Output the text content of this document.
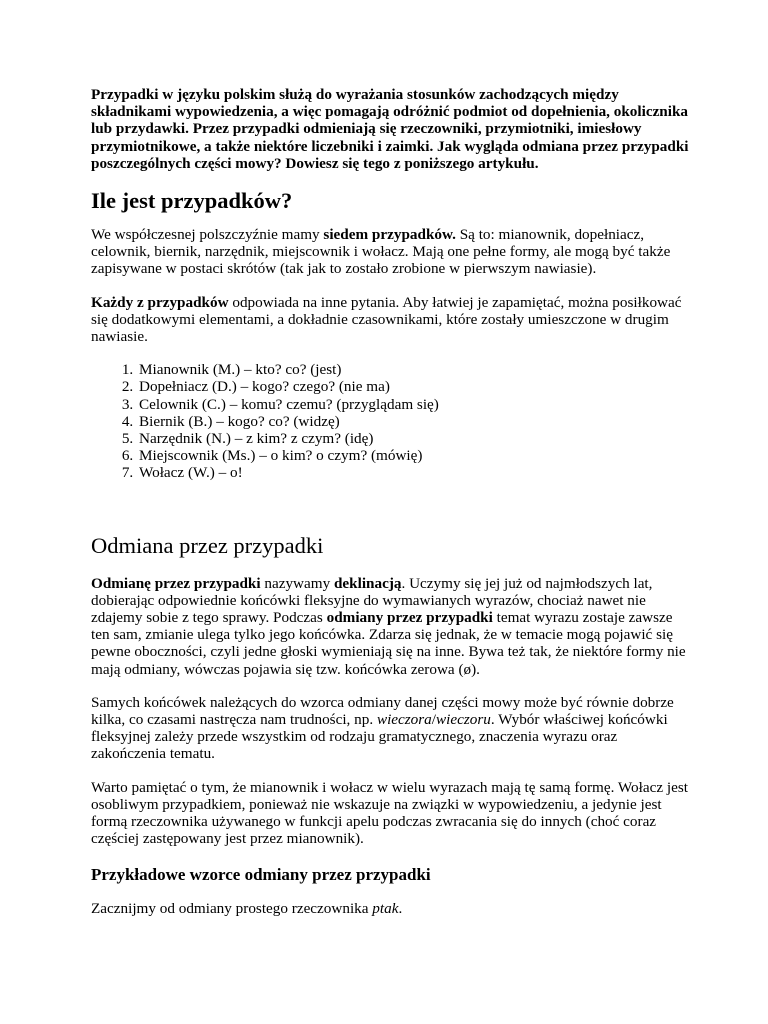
Przypadki w języku polskim służą do wyrażania stosunków zachodzących między składnikami wypowiedzenia, a więc pomagają odróżnić podmiot od dopełnienia, okolicznika lub przydawki. Przez przypadki odmieniają się rzeczowniki, przymiotniki, imiesłowy przymiotnikowe, a także niektóre liczebniki i zaimki. Jak wygląda odmiana przez przypadki poszczególnych części mowy? Dowiesz się tego z poniższego artykułu.

Ile jest przypadków?

We współczesnej polszczyźnie mamy siedem przypadków. Są to: mianownik, dopełniacz, celownik, biernik, narzędnik, miejscownik i wołacz. Mają one pełne formy, ale mogą być także zapisywane w postaci skrótów (tak jak to zostało zrobione w pierwszym nawiasie).

Każdy z przypadków odpowiada na inne pytania. Aby łatwiej je zapamiętać, można posiłkować się dodatkowymi elementami, a dokładnie czasownikami, które zostały umieszczone w drugim nawiasie.

1. Mianownik (M.) – kto? co? (jest)
2. Dopełniacz (D.) – kogo? czego? (nie ma)
3. Celownik (C.) – komu? czemu? (przyglądam się)
4. Biernik (B.) – kogo? co? (widzę)
5. Narzędnik (N.) – z kim? z czym? (idę)
6. Miejscownik (Ms.) – o kim? o czym? (mówię)
7. Wołacz (W.) – o!
Odmiana przez przypadki

Odmianę przez przypadki nazywamy deklinacją. Uczymy się jej już od najmłodszych lat, dobierając odpowiednie końcówki fleksyjne do wymawianych wyrazów, chociaż nawet nie zdajemy sobie z tego sprawy. Podczas odmiany przez przypadki temat wyrazu zostaje zawsze ten sam, zmianie ulega tylko jego końcówka. Zdarza się jednak, że w temacie mogą pojawić się pewne oboczności, czyli jedne głoski wymieniają się na inne. Bywa też tak, że niektóre formy nie mają odmiany, wówczas pojawia się tzw. końcówka zerowa (ø).

Samych końcówek należących do wzorca odmiany danej części mowy może być równie dobrze kilka, co czasami nastręcza nam trudności, np. wieczora/wieczoru. Wybór właściwej końcówki fleksyjnej zależy przede wszystkim od rodzaju gramatycznego, znaczenia wyrazu oraz zakończenia tematu.

Warto pamiętać o tym, że mianownik i wołacz w wielu wyrazach mają tę samą formę. Wołacz jest osobliwym przypadkiem, ponieważ nie wskazuje na związki w wypowiedzeniu, a jedynie jest formą rzeczownika używanego w funkcji apelu podczas zwracania się do innych (choć coraz częściej zastępowany jest przez mianownik).

Przykładowe wzorce odmiany przez przypadki

Zacznijmy od odmiany prostego rzeczownika ptak.
